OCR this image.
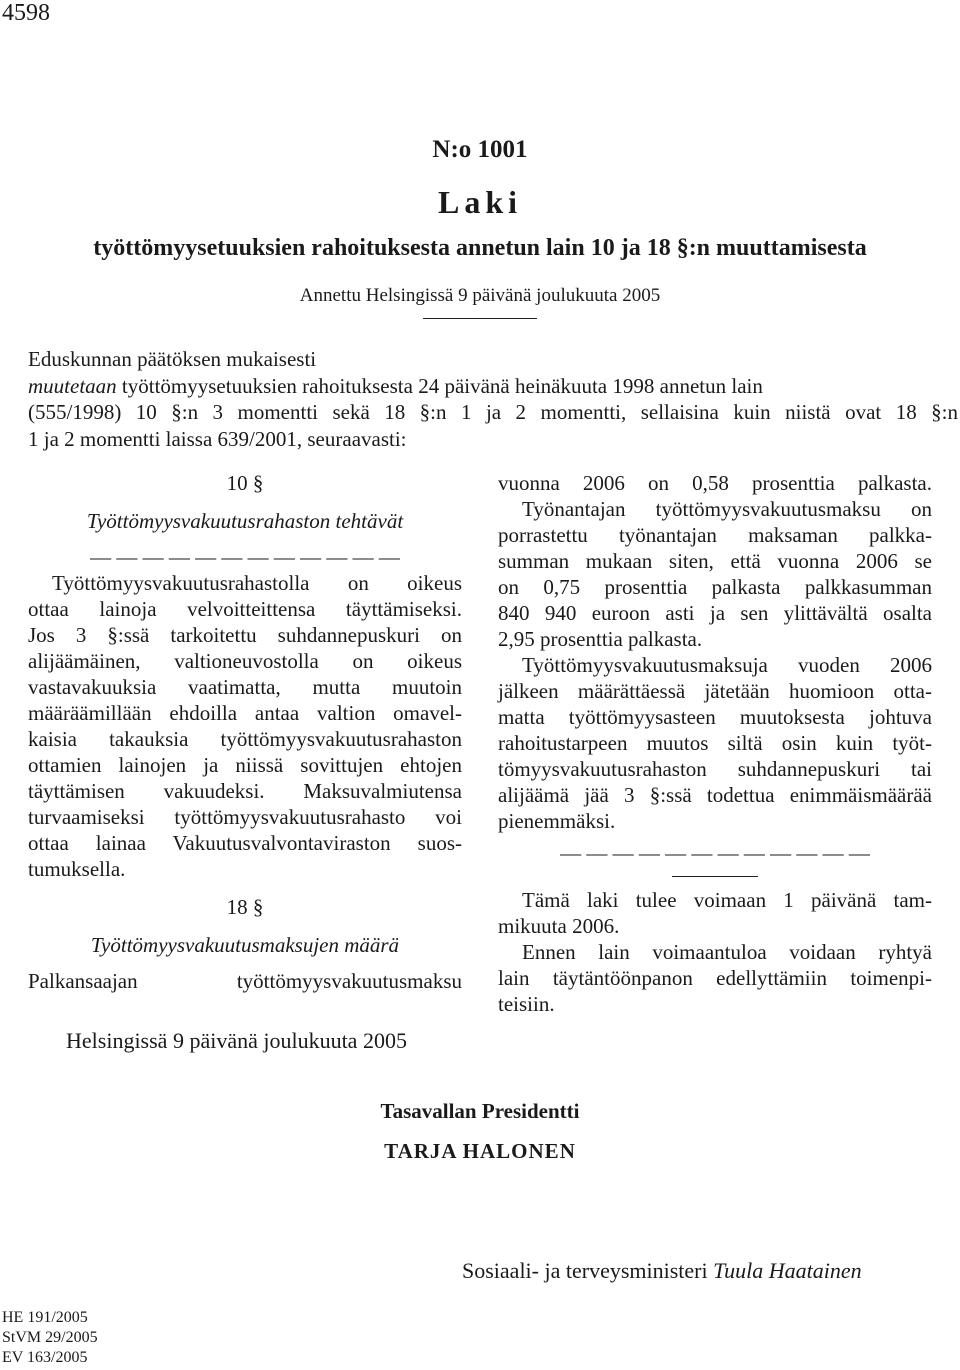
4598
N:o 1001
Laki
työttömyysetuuksien rahoituksesta annetun lain 10 ja 18 §:n muuttamisesta
Annettu Helsingissä 9 päivänä joulukuuta 2005
Eduskunnan päätöksen mukaisesti
muutetaan työttömyysetuuksien rahoituksesta 24 päivänä heinäkuuta 1998 annetun lain
(555/1998) 10 §:n 3 momentti sekä 18 §:n 1 ja 2 momentti, sellaisina kuin niistä ovat 18 §:n
1 ja 2 momentti laissa 639/2001, seuraavasti:
10 §
Työttömyysvakuutusrahaston tehtävät
— — — — — — — — — — — —
Työttömyysvakuutusrahastolla on oikeus
ottaa lainoja velvoitteittensa täyttämiseksi.
Jos 3 §:ssä tarkoitettu suhdannepuskuri on
alijäämäinen, valtioneuvostolla on oikeus
vastavakuuksia vaatimatta, mutta muutoin
määräämillään ehdoilla antaa valtion omavel-
kaisia takauksia työttömyysvakuutusrahaston
ottamien lainojen ja niissä sovittujen ehtojen
täyttämisen vakuudeksi. Maksuvalmiutensa
turvaamiseksi työttömyysvakuutusrahasto voi
ottaa lainaa Vakuutusvalvontaviraston suos-
tumuksella.
18 §
Työttömyysvakuutusmaksujen määrä
Palkansaajan	työttömyysvakuutusmaksu
vuonna 2006 on 0,58 prosenttia palkasta.
Työnantajan työttömyysvakuutusmaksu on
porrastettu työnantajan maksaman palkka-
summan mukaan siten, että vuonna 2006 se
on 0,75 prosenttia palkasta palkkasumman
840 940 euroon asti ja sen ylittävältä osalta
2,95 prosenttia palkasta.
Työttömyysvakuutusmaksuja vuoden 2006
jälkeen määrättäessä jätetään huomioon otta-
matta työttömyysasteen muutoksesta johtuva
rahoitustarpeen muutos siltä osin kuin työt-
tömyysvakuutusrahaston suhdannepuskuri tai
alijäämä jää 3 §:ssä todettua enimmäismäärää
pienemmäksi.
— — — — — — — — — — — —
Tämä laki tulee voimaan 1 päivänä tam-
mikuuta 2006.
Ennen lain voimaantuloa voidaan ryhtyä
lain täytäntöönpanon edellyttämiin toimenpi-
teisiin.
Helsingissä 9 päivänä joulukuuta 2005
Tasavallan Presidentti
TARJA HALONEN
Sosiaali- ja terveysministeri Tuula Haatainen
HE 191/2005
StVM 29/2005
EV 163/2005
